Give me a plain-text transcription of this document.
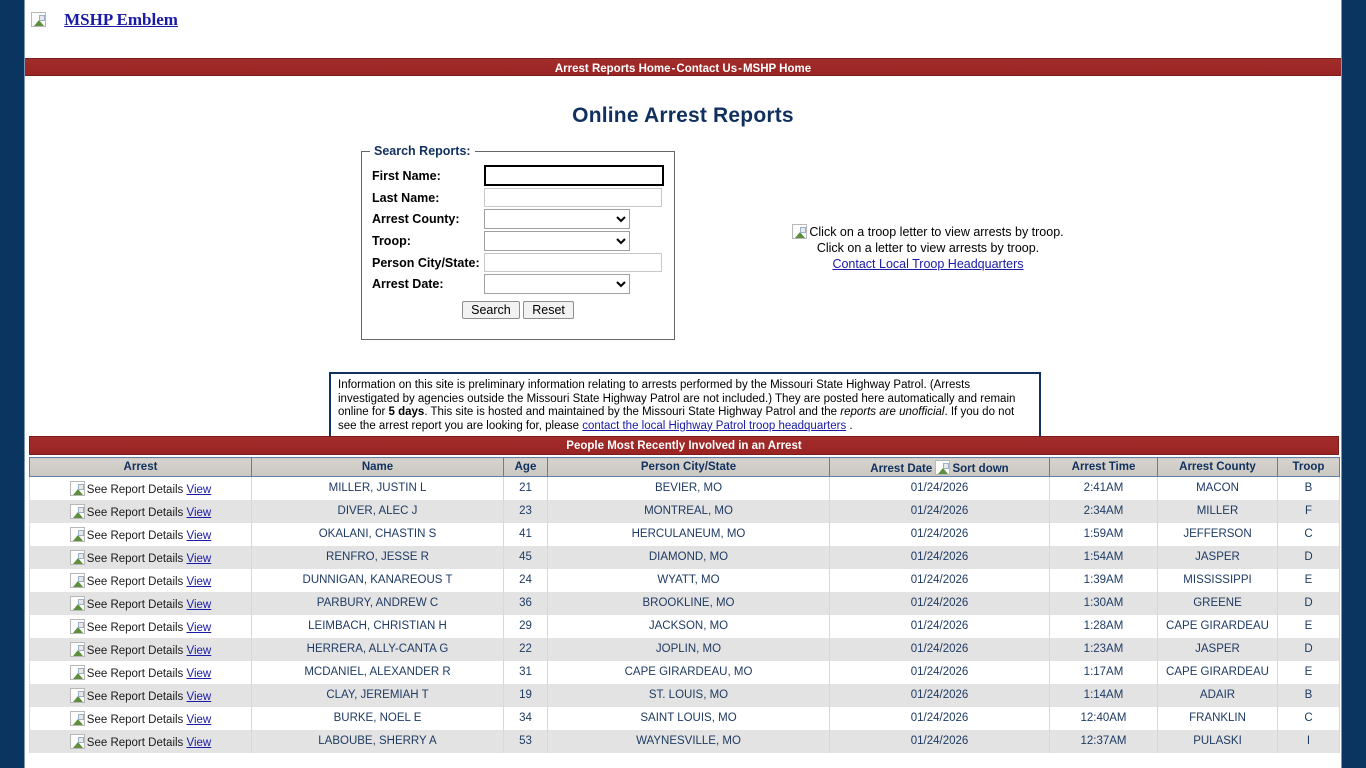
MSHP Emblem
Arrest Reports Home-Contact Us-MSHP Home
Online Arrest Reports
Search Reports:
First Name:	
Last Name:	
Arrest County:	

Troop:	

Person City/State:	
Arrest Date:	

Search Reset	
Click on a troop letter to view arrests by troop.
Click on a letter to view arrests by troop.
Contact Local Troop Headquarters
Information on this site is preliminary information relating to arrests performed by the Missouri State Highway Patrol. (Arrests investigated by agencies outside the Missouri State Highway Patrol are not included.) They are posted here automatically and remain online for 5 days. This site is hosted and maintained by the Missouri State Highway Patrol and the reports are unofficial. If you do not see the arrest report you are looking for, please contact the local Highway Patrol troop headquarters .
People Most Recently Involved in an Arrest
Arrest	Name	Age	Person City/State	Arrest Date Sort down	Arrest Time	Arrest County	Troop
See Report Details View	MILLER, JUSTIN L	21	BEVIER, MO	01/24/2026	2:41AM	MACON	B
See Report Details View	DIVER, ALEC J	23	MONTREAL, MO	01/24/2026	2:34AM	MILLER	F
See Report Details View	OKALANI, CHASTIN S	41	HERCULANEUM, MO	01/24/2026	1:59AM	JEFFERSON	C
See Report Details View	RENFRO, JESSE R	45	DIAMOND, MO	01/24/2026	1:54AM	JASPER	D
See Report Details View	DUNNIGAN, KANAREOUS T	24	WYATT, MO	01/24/2026	1:39AM	MISSISSIPPI	E
See Report Details View	PARBURY, ANDREW C	36	BROOKLINE, MO	01/24/2026	1:30AM	GREENE	D
See Report Details View	LEIMBACH, CHRISTIAN H	29	JACKSON, MO	01/24/2026	1:28AM	CAPE GIRARDEAU	E
See Report Details View	HERRERA, ALLY-CANTA G	22	JOPLIN, MO	01/24/2026	1:23AM	JASPER	D
See Report Details View	MCDANIEL, ALEXANDER R	31	CAPE GIRARDEAU, MO	01/24/2026	1:17AM	CAPE GIRARDEAU	E
See Report Details View	CLAY, JEREMIAH T	19	ST. LOUIS, MO	01/24/2026	1:14AM	ADAIR	B
See Report Details View	BURKE, NOEL E	34	SAINT LOUIS, MO	01/24/2026	12:40AM	FRANKLIN	C
See Report Details View	LABOUBE, SHERRY A	53	WAYNESVILLE, MO	01/24/2026	12:37AM	PULASKI	I
